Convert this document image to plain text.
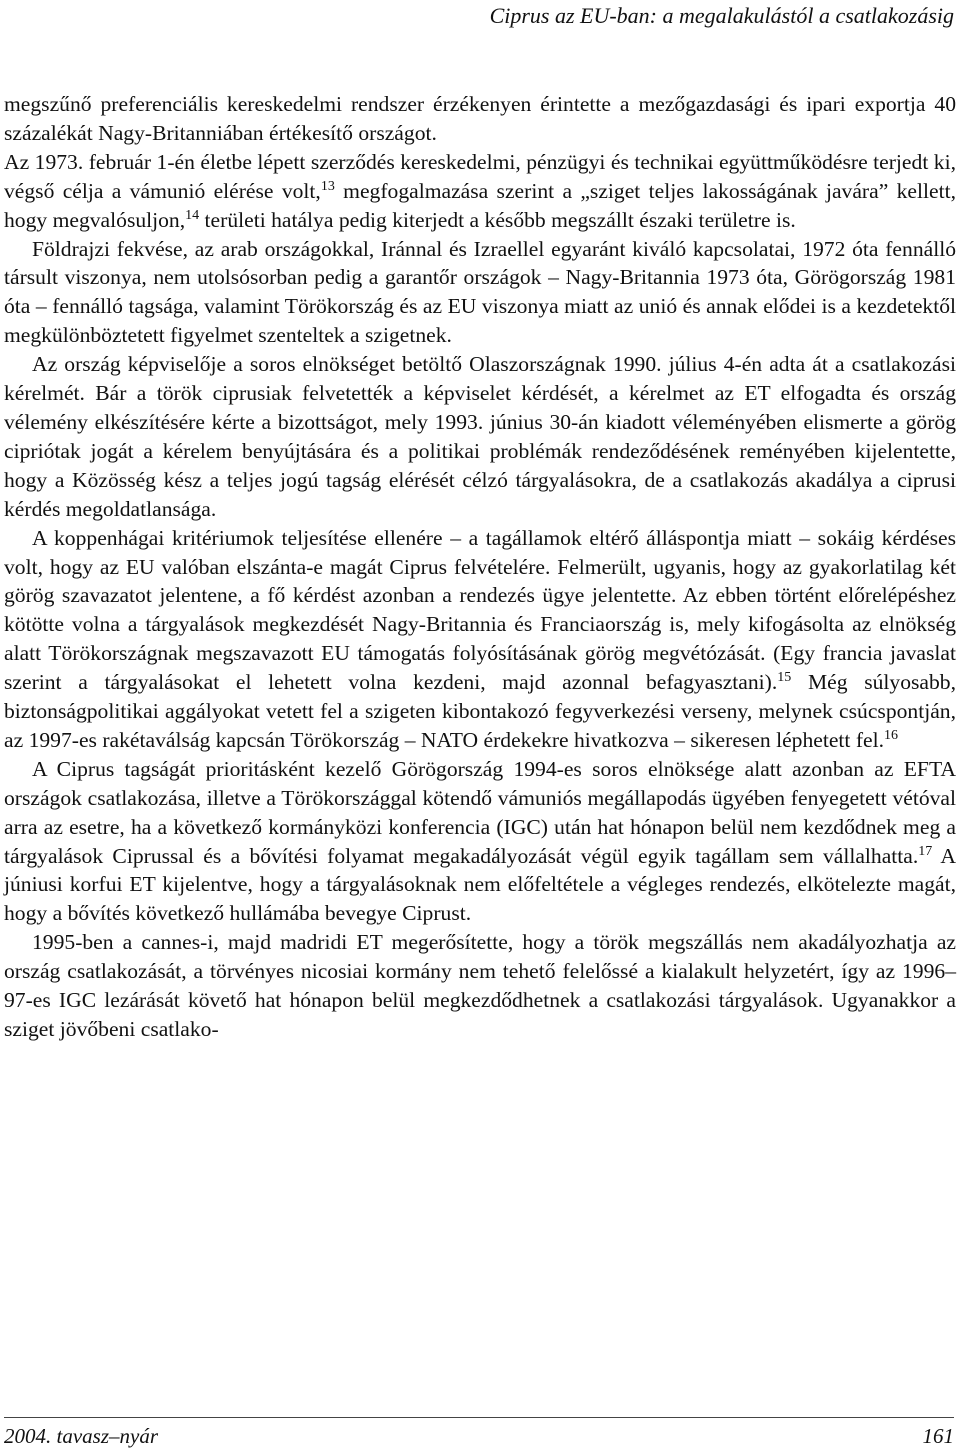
Ciprus az EU-ban: a megalakulástól a csatlakozásig

megszűnő preferenciális kereskedelmi rendszer érzékenyen érintette a mezőgazdasági és ipari exportja 40 százalékát Nagy-Britanniában értékesítő országot.

Az 1973. február 1-én életbe lépett szerződés kereskedelmi, pénzügyi és technikai együttműködésre terjedt ki, végső célja a vámunió elérése volt,$^{13}$ megfogalmazása szerint a „sziget teljes lakosságának javára” kellett, hogy megvalósuljon,$^{14}$ területi hatálya pedig kiterjedt a később megszállt északi területre is.

Földrajzi fekvése, az arab országokkal, Iránnal és Izraellel egyaránt kiváló kapcsolatai, 1972 óta fennálló társult viszonya, nem utolsósorban pedig a garantőr országok – Nagy-Britannia 1973 óta, Görögország 1981 óta – fennálló tagsága, valamint Törökország és az EU viszonya miatt az unió és annak elődei is a kezdetektől megkülönböztetett figyelmet szenteltek a szigetnek.

Az ország képviselője a soros elnökséget betöltő Olaszországnak 1990. július 4-én adta át a csatlakozási kérelmét. Bár a török ciprusiak felvetették a képviselet kérdését, a kérelmet az ET elfogadta és ország vélemény elkészítésére kérte a bizottságot, mely 1993. június 30-án kiadott véleményében elismerte a görög cipriótak jogát a kérelem benyújtására és a politikai problémák rendeződésének reményében kijelentette, hogy a Közösség kész a teljes jogú tagság elérését célzó tárgyalásokra, de a csatlakozás akadálya a ciprusi kérdés megoldatlansága.

A koppenhágai kritériumok teljesítése ellenére – a tagállamok eltérő álláspontja miatt – sokáig kérdéses volt, hogy az EU valóban elszánta-e magát Ciprus felvételére. Felmerült, ugyanis, hogy az gyakorlatilag két görög szavazatot jelentene, a fő kérdést azonban a rendezés ügye jelentette. Az ebben történt előrelépéshez kötötte volna a tárgyalások megkezdését Nagy-Britannia és Franciaország is, mely kifogásolta az elnökség alatt Törökországnak megszavazott EU támogatás folyósításának görög megvétózását. (Egy francia javaslat szerint a tárgyalásokat el lehetett volna kezdeni, majd azonnal befagyasztani).$^{15}$ Még súlyosabb, biztonságpolitikai aggályokat vetett fel a szigeten kibontakozó fegyverkezési verseny, melynek csúcspontján, az 1997-es rakétaválság kapcsán Törökország – NATO érdekekre hivatkozva – sikeresen léphetett fel.$^{16}$

A Ciprus tagságát prioritásként kezelő Görögország 1994-es soros elnöksége alatt azonban az EFTA országok csatlakozása, illetve a Törökországgal kötendő vámuniós megállapodás ügyében fenyegetett vétóval arra az esetre, ha a következő kormányközi konferencia (IGC) után hat hónapon belül nem kezdődnek meg a tárgyalások Ciprussal és a bővítési folyamat megakadályozását végül egyik tagállam sem vállalhatta.$^{17}$ A júniusi korfui ET kijelentve, hogy a tárgyalásoknak nem előfeltétele a végleges rendezés, elkötelezte magát, hogy a bővítés következő hullámába bevegye Ciprust.

1995-ben a cannes-i, majd madridi ET megerősítette, hogy a török megszállás nem akadályozhatja az ország csatlakozását, a törvényes nicosiai kormány nem tehető felelőssé a kialakult helyzetért, így az 1996–97-es IGC lezárását követő hat hónapon belül megkezdődhetnek a csatlakozási tárgyalások. Ugyanakkor a sziget jövőbeni csatlako-

2004. tavasz–nyár	161
